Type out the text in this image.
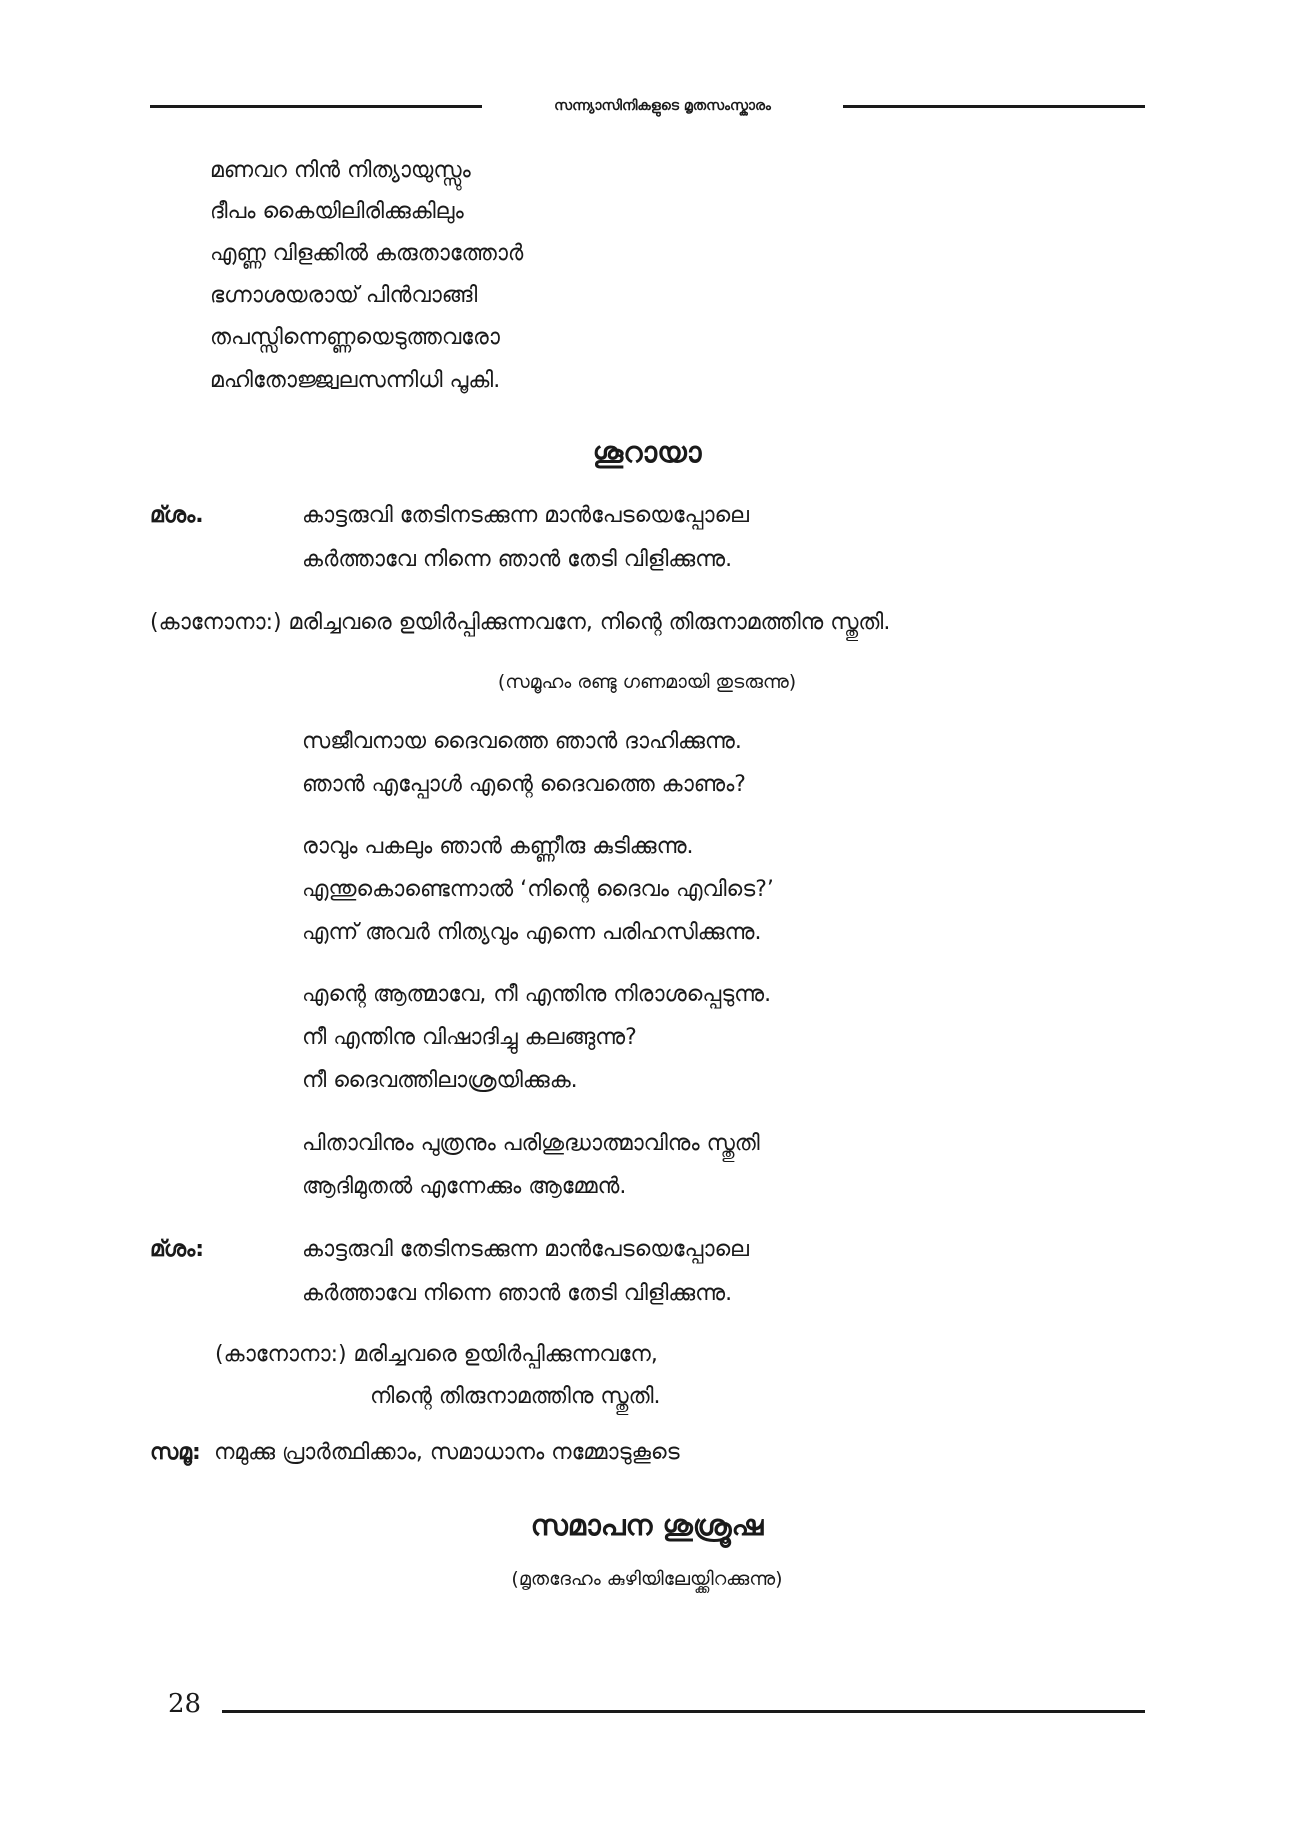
സന്ന്യാസിനികളുടെ മൃതസംസ്കാരം
മണവറ നിൻ നിത്യായുസ്സും
ദീപം കൈയിലിരിക്കുകിലും
എണ്ണ വിളക്കിൽ കരുതാത്തോർ
ഭഗ്നാശയരായ് പിൻവാങ്ങി
തപസ്സിന്നെണ്ണയെടുത്തവരോ
മഹിതോജ്ജ്വലസന്നിധി പൂകി.
ശൂറായാ
മ്ശം.	കാട്ടരുവി തേടിനടക്കുന്ന മാൻപേടയെപ്പോലെ
കർത്താവേ നിന്നെ ഞാൻ തേടി വിളിക്കുന്നു.
(കാനോനാ:) മരിച്ചവരെ ഉയിർപ്പിക്കുന്നവനേ, നിന്റെ തിരുനാമത്തിനു സ്തുതി.
(സമൂഹം രണ്ടു ഗണമായി തുടരുന്നു)
സജീവനായ ദൈവത്തെ ഞാൻ ദാഹിക്കുന്നു.
ഞാൻ എപ്പോൾ എന്റെ ദൈവത്തെ കാണും?
രാവും പകലും ഞാൻ കണ്ണീരു കുടിക്കുന്നു.
എന്തുകൊണ്ടെന്നാൽ ‘നിന്റെ ദൈവം എവിടെ?’
എന്ന് അവർ നിത്യവും എന്നെ പരിഹസിക്കുന്നു.
എന്റെ ആത്മാവേ, നീ എന്തിനു നിരാശപ്പെടുന്നു.
നീ എന്തിനു വിഷാദിച്ചു കലങ്ങുന്നു?
നീ ദൈവത്തിലാശ്രയിക്കുക.
പിതാവിനും പുത്രനും പരിശുദ്ധാത്മാവിനും സ്തുതി
ആദിമുതൽ എന്നേക്കും ആമ്മേൻ.
മ്ശം:	കാട്ടരുവി തേടിനടക്കുന്ന മാൻപേടയെപ്പോലെ
കർത്താവേ നിന്നെ ഞാൻ തേടി വിളിക്കുന്നു.
(കാനോനാ:) മരിച്ചവരെ ഉയിർപ്പിക്കുന്നവനേ,
നിന്റെ തിരുനാമത്തിനു സ്തുതി.
സമൂ: നമുക്കു പ്രാർത്ഥിക്കാം, സമാധാനം നമ്മോടുകൂടെ
സമാപന ശുശ്രൂഷ
(മൃതദേഹം കുഴിയിലേയ്ക്കിറക്കുന്നു)
28
